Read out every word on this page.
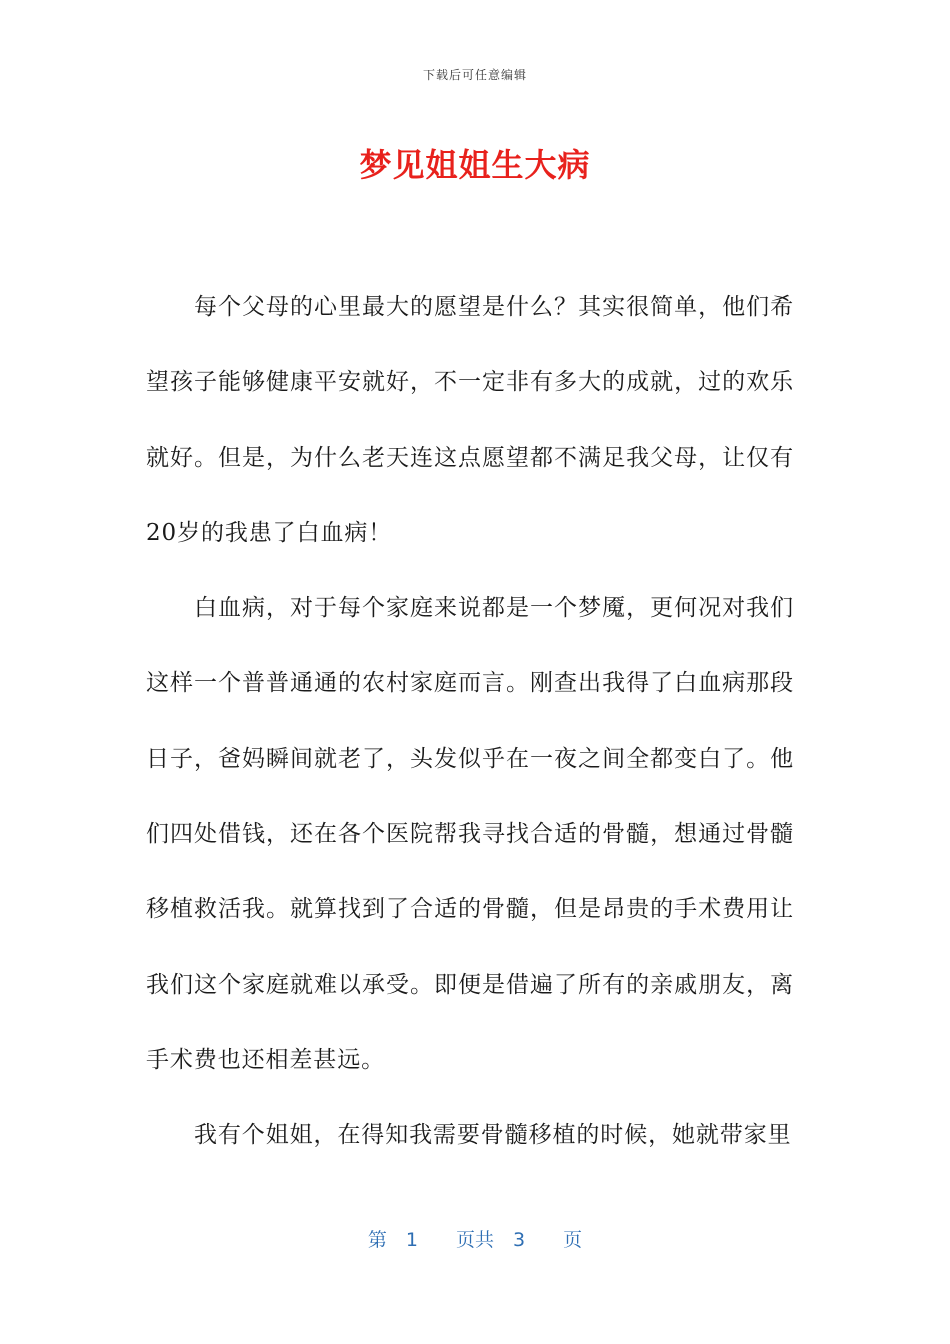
下载后可任意编辑
梦见姐姐生大病

每个父母的心里最大的愿望是什么？其实很简单，他们希望孩子能够健康平安就好，不一定非有多大的成就，过的欢乐就好。但是，为什么老天连这点愿望都不满足我父母，让仅有20岁的我患了白血病！

白血病，对于每个家庭来说都是一个梦魇，更何况对我们这样一个普普通通的农村家庭而言。刚查出我得了白血病那段日子，爸妈瞬间就老了，头发似乎在一夜之间全都变白了。他们四处借钱，还在各个医院帮我寻找合适的骨髓，想通过骨髓移植救活我。就算找到了合适的骨髓，但是昂贵的手术费用让我们这个家庭就难以承受。即便是借遍了所有的亲戚朋友，离手术费也还相差甚远。

我有个姐姐，在得知我需要骨髓移植的时候，她就带家里

第　1　　页共　3　　页
